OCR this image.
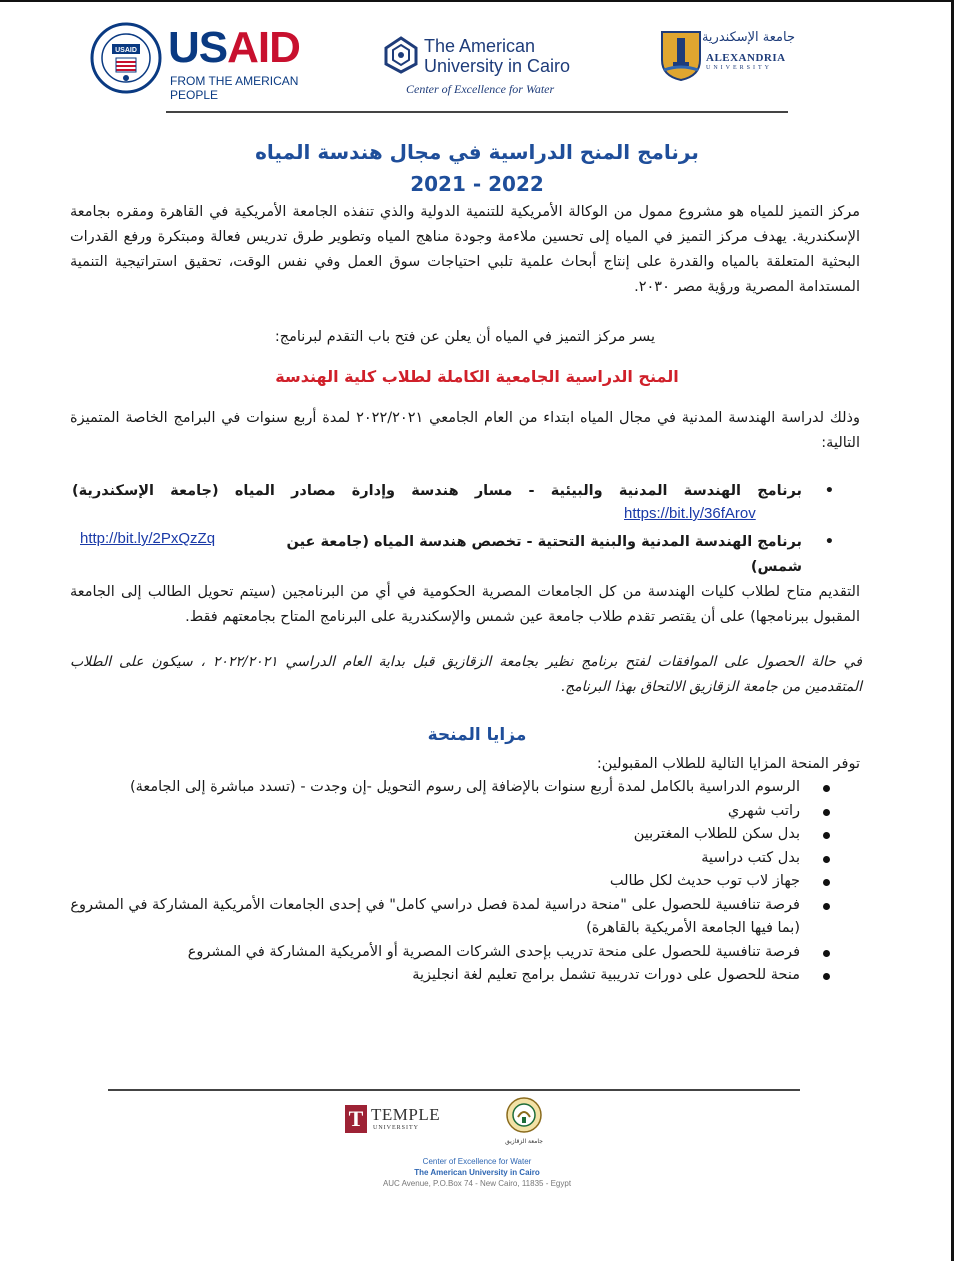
USAID USAID
FROM THE AMERICAN PEOPLE
The American
University in Cairo
Center of Excellence for Water
جامعة الإسكندرية
ALEXANDRIA
UNIVERSITY
برنامج المنح الدراسية في مجال هندسة المياه
2021 - 2022
مركز التميز للمياه هو مشروع ممول من الوكالة الأمريكية للتنمية الدولية والذي تنفذه الجامعة الأمريكية في القاهرة ومقره بجامعة الإسكندرية. يهدف مركز التميز في المياه إلى تحسين ملاءمة وجودة مناهج المياه وتطوير طرق تدريس فعالة ومبتكرة ورفع القدرات البحثية المتعلقة بالمياه والقدرة على إنتاج أبحاث علمية تلبي احتياجات سوق العمل وفي نفس الوقت، تحقيق استراتيجية التنمية المستدامة المصرية ورؤية مصر ٢٠٣٠.
يسر مركز التميز في المياه أن يعلن عن فتح باب التقدم لبرنامج:
المنح الدراسية الجامعية الكاملة لطلاب كلية الهندسة
وذلك لدراسة الهندسة المدنية في مجال المياه ابتداء من العام الجامعي ٢٠٢٢/٢٠٢١ لمدة أربع سنوات في البرامج الخاصة المتميزة التالية:
•
برنامج الهندسة المدنية والبيئية - مسار هندسة وإدارة مصادر المياه (جامعة الإسكندرية)
https://bit.ly/36fArov
•
برنامج الهندسة المدنية والبنية التحتية - تخصص هندسة المياه (جامعة عين شمس)
http://bit.ly/2PxQzZq
التقديم متاح لطلاب كليات الهندسة من كل الجامعات المصرية الحكومية في أي من البرنامجين (سيتم تحويل الطالب إلى الجامعة المقبول ببرنامجها) على أن يقتصر تقدم طلاب جامعة عين شمس والإسكندرية على البرنامج المتاح بجامعتهم فقط.
في حالة الحصول على الموافقات لفتح برنامج نظير بجامعة الزقازيق قبل بداية العام الدراسي ٢٠٢٢/٢٠٢١ ، سيكون على الطلاب المتقدمين من جامعة الزقازيق الالتحاق بهذا البرنامج.
مزايا المنحة
توفر المنحة المزايا التالية للطلاب المقبولين:
الرسوم الدراسية بالكامل لمدة أربع سنوات بالإضافة إلى رسوم التحويل -إن وجدت - (تسدد مباشرة إلى الجامعة)
راتب شهري
بدل سكن للطلاب المغتربين
بدل كتب دراسية
جهاز لاب توب حديث لكل طالب
فرصة تنافسية للحصول على "منحة دراسية لمدة فصل دراسي كامل" في إحدى الجامعات الأمريكية المشاركة في المشروع (بما فيها الجامعة الأمريكية بالقاهرة)
فرصة تنافسية للحصول على منحة تدريب بإحدى الشركات المصرية أو الأمريكية المشاركة في المشروع
منحة للحصول على دورات تدريبية تشمل برامج تعليم لغة انجليزية
T TEMPLE
UNIVERSITY
جامعة الزقازيق
Center of Excellence for Water
The American University in Cairo
AUC Avenue, P.O.Box 74 - New Cairo, 11835 - Egypt
